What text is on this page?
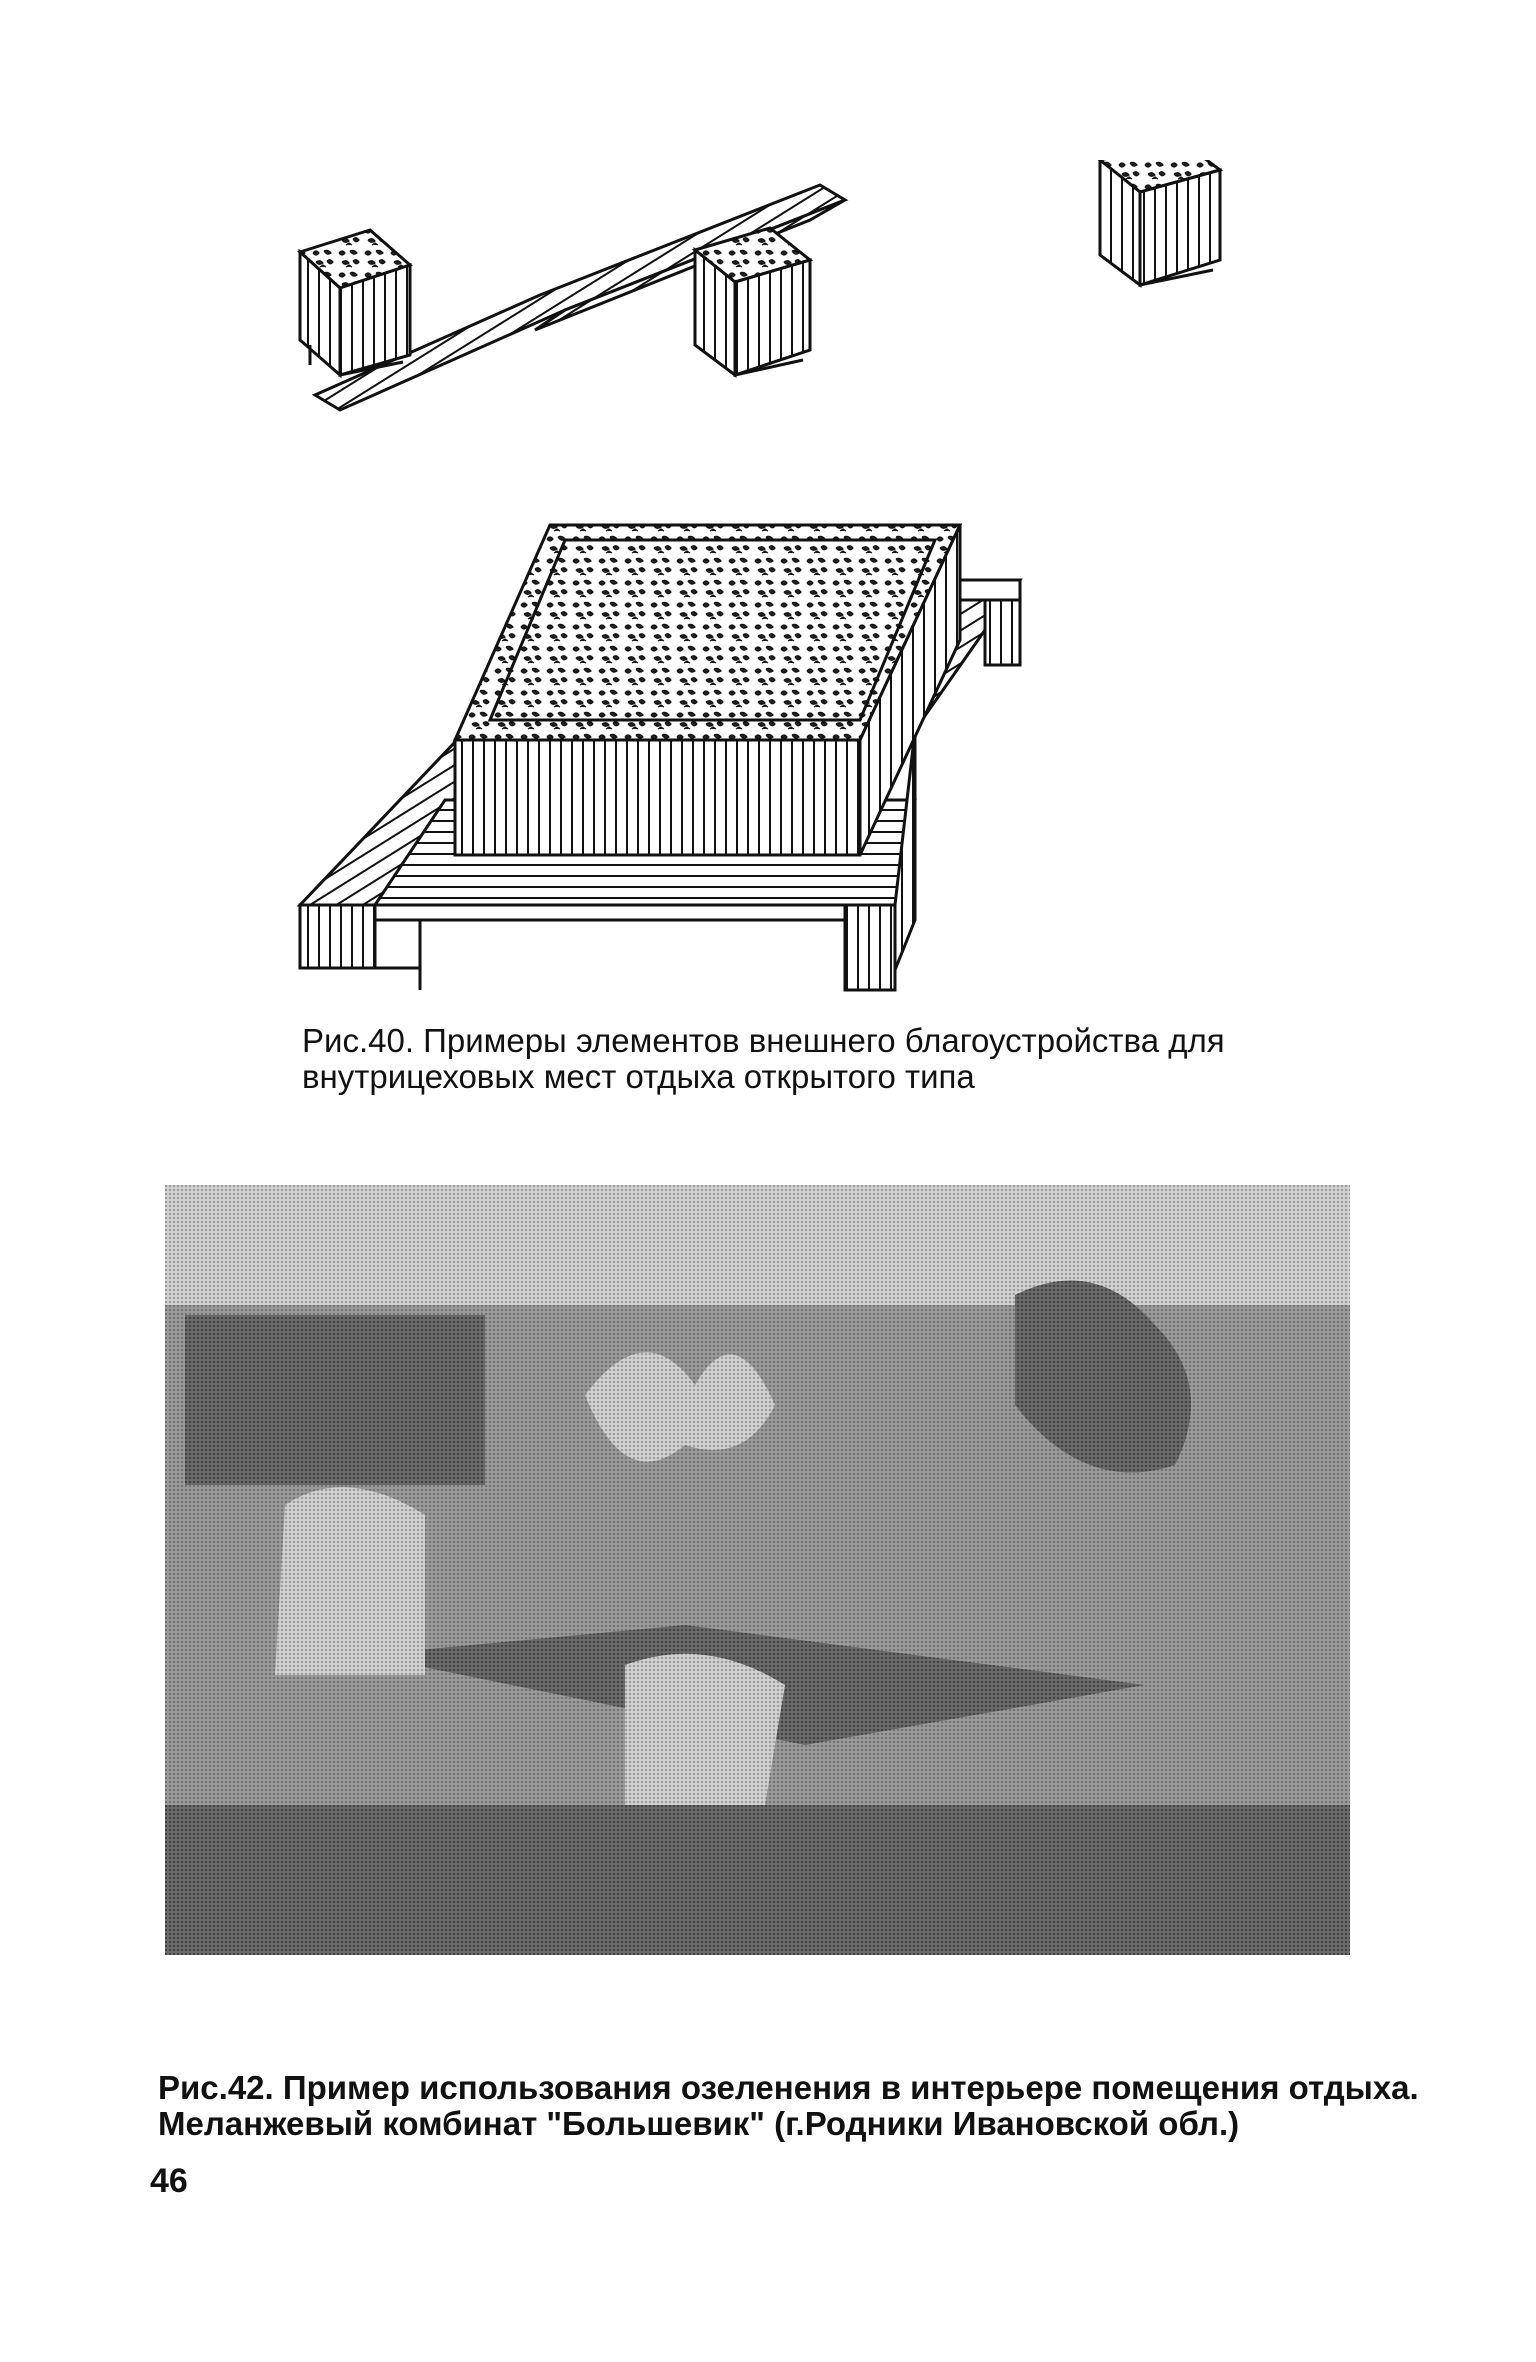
Рис.40. Примеры элементов внешнего благоустройства для
внутрицеховых мест отдыха открытого типа

Рис.42. Пример использования озеленения в интерьере помещения отдыха.
Меланжевый комбинат "Большевик" (г.Родники Ивановской обл.)

46
